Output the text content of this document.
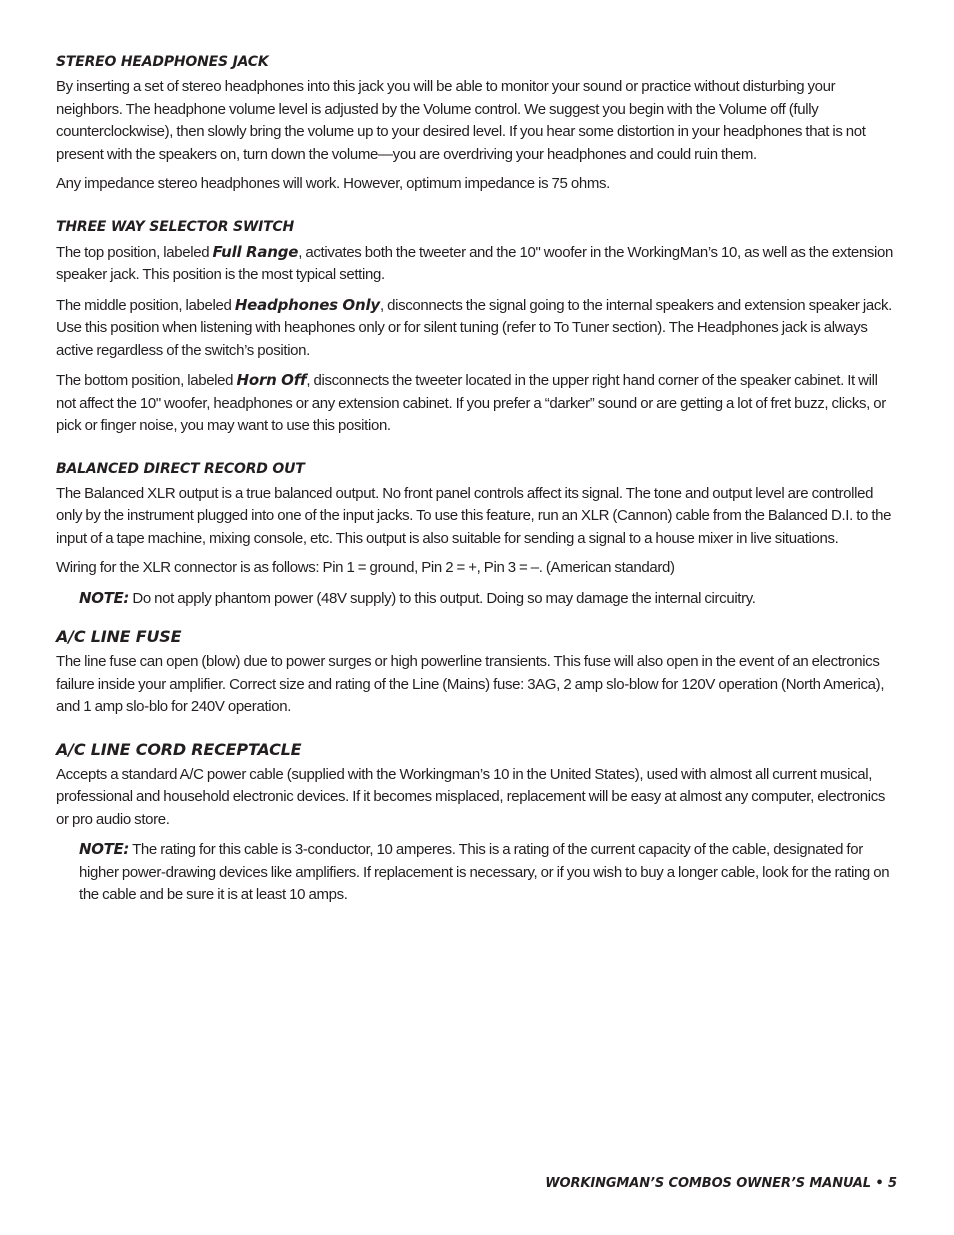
STEREO HEADPHONES JACK

By inserting a set of stereo headphones into this jack you will be able to monitor your sound or practice without disturbing your neighbors. The headphone volume level is adjusted by the Volume control. We suggest you begin with the Volume off (fully counterclockwise), then slowly bring the volume up to your desired level. If you hear some distortion in your headphones that is not present with the speakers on, turn down the volume—you are overdriving your headphones and could ruin them.

Any impedance stereo headphones will work. However, optimum impedance is 75 ohms.

THREE WAY SELECTOR SWITCH

The top position, labeled Full Range, activates both the tweeter and the 10" woofer in the WorkingMan’s 10, as well as the extension speaker jack. This position is the most typical setting.

The middle position, labeled Headphones Only, disconnects the signal going to the internal speakers and extension speaker jack. Use this position when listening with heaphones only or for silent tuning (refer to To Tuner section). The Headphones jack is always active regardless of the switch’s position.

The bottom position, labeled Horn Off, disconnects the tweeter located in the upper right hand corner of the speaker cabinet. It will not affect the 10" woofer, headphones or any extension cabinet. If you prefer a “darker” sound or are getting a lot of fret buzz, clicks, or pick or finger noise, you may want to use this position.

BALANCED DIRECT RECORD OUT

The Balanced XLR output is a true balanced output. No front panel controls affect its signal. The tone and output level are controlled only by the instrument plugged into one of the input jacks. To use this feature, run an XLR (Cannon) cable from the Balanced D.I. to the input of a tape machine, mixing console, etc. This output is also suitable for sending a signal to a house mixer in live situations.

Wiring for the XLR connector is as follows: Pin 1 = ground, Pin 2 = +, Pin 3 = –. (American standard)

NOTE: Do not apply phantom power (48V supply) to this output. Doing so may damage the internal circuitry.

A/C LINE FUSE

The line fuse can open (blow) due to power surges or high powerline transients. This fuse will also open in the event of an electronics failure inside your amplifier. Correct size and rating of the Line (Mains) fuse: 3AG, 2 amp slo-blow for 120V operation (North America), and 1 amp slo-blo for 240V operation.

A/C LINE CORD RECEPTACLE

Accepts a standard A/C power cable (supplied with the Workingman’s 10 in the United States), used with almost all current musical, professional and household electronic devices. If it becomes misplaced, replacement will be easy at almost any computer, electronics or pro audio store.

NOTE: The rating for this cable is 3-conductor, 10 amperes. This is a rating of the current capacity of the cable, designated for higher power-drawing devices like amplifiers. If replacement is necessary, or if you wish to buy a longer cable, look for the rating on the cable and be sure it is at least 10 amps.

WORKINGMAN’S COMBOS OWNER’S MANUAL • 5
